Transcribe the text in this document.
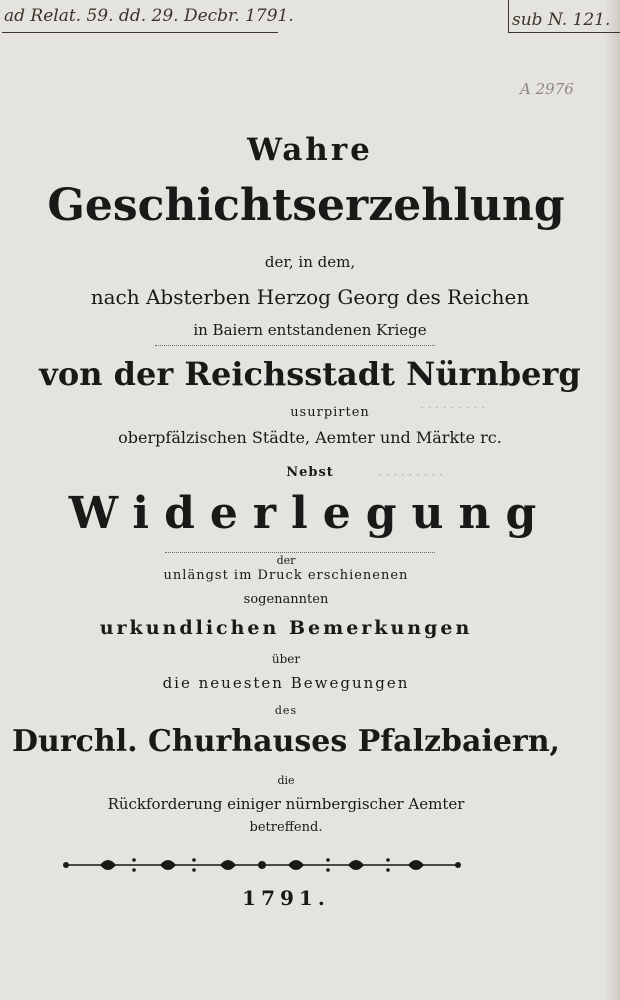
ad Relat. 59. dd. 29. Decbr. 1791.	sub N. 121.
A 2976
· · · · · · · · ·
· · · · · · · · ·
Wahre
Geschichtserzehlung
der, in dem,
nach Absterben Herzog Georg des Reichen
in Baiern entstandenen Kriege
von der Reichsstadt Nürnberg
usurpirten
oberpfälzischen Städte, Aemter und Märkte rc.
Nebst
Widerlegung
der
unlängst im Druck erschienenen
sogenannten
urkundlichen Bemerkungen
über
die neuesten Bewegungen
des
Durchl. Churhauses Pfalzbaiern,
die
Rückforderung einiger nürnbergischer Aemter
betreffend.
1791.
